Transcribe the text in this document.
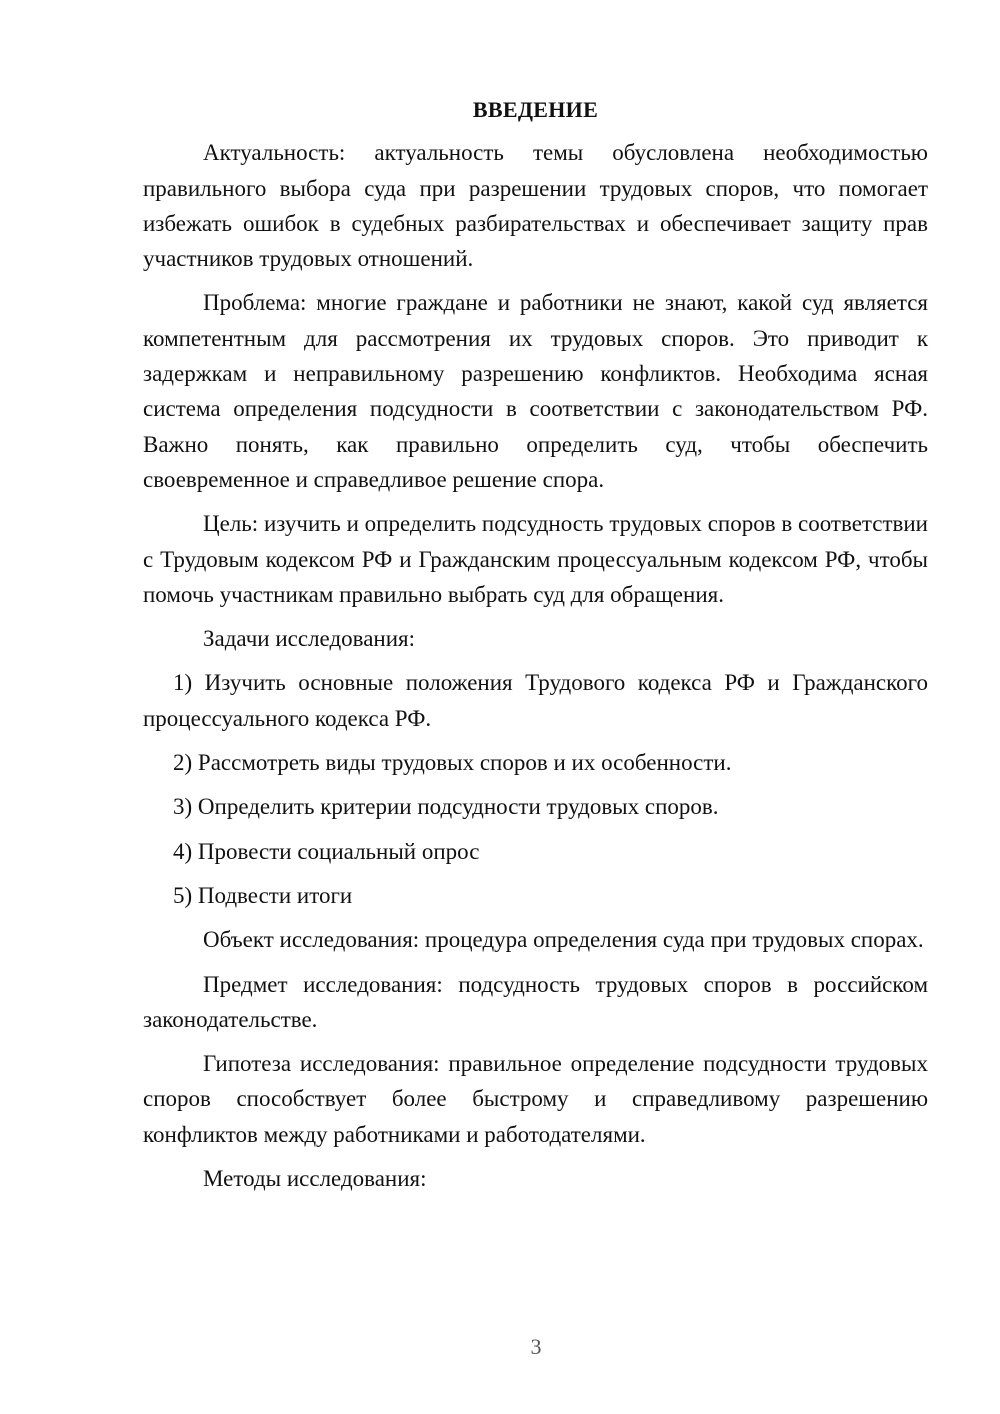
ВВЕДЕНИЕ

Актуальность: актуальность темы обусловлена необходимостью правильного выбора суда при разрешении трудовых споров, что помогает избежать ошибок в судебных разбирательствах и обеспечивает защиту прав участников трудовых отношений.

Проблема: многие граждане и работники не знают, какой суд является компетентным для рассмотрения их трудовых споров. Это приводит к задержкам и неправильному разрешению конфликтов. Необходима ясная система определения подсудности в соответствии с законодательством РФ. Важно понять, как правильно определить суд, чтобы обеспечить своевременное и справедливое решение спора.

Цель: изучить и определить подсудность трудовых споров в соответствии с Трудовым кодексом РФ и Гражданским процессуальным кодексом РФ, чтобы помочь участникам правильно выбрать суд для обращения.

Задачи исследования:

1) Изучить основные положения Трудового кодекса РФ и Гражданского процессуального кодекса РФ.

2) Рассмотреть виды трудовых споров и их особенности.

3) Определить критерии подсудности трудовых споров.

4) Провести социальный опрос

5) Подвести итоги

Объект исследования: процедура определения суда при трудовых спорах.

Предмет исследования: подсудность трудовых споров в российском законодательстве.

Гипотеза исследования: правильное определение подсудности трудовых споров способствует более быстрому и справедливому разрешению конфликтов между работниками и работодателями.

Методы исследования:

3
